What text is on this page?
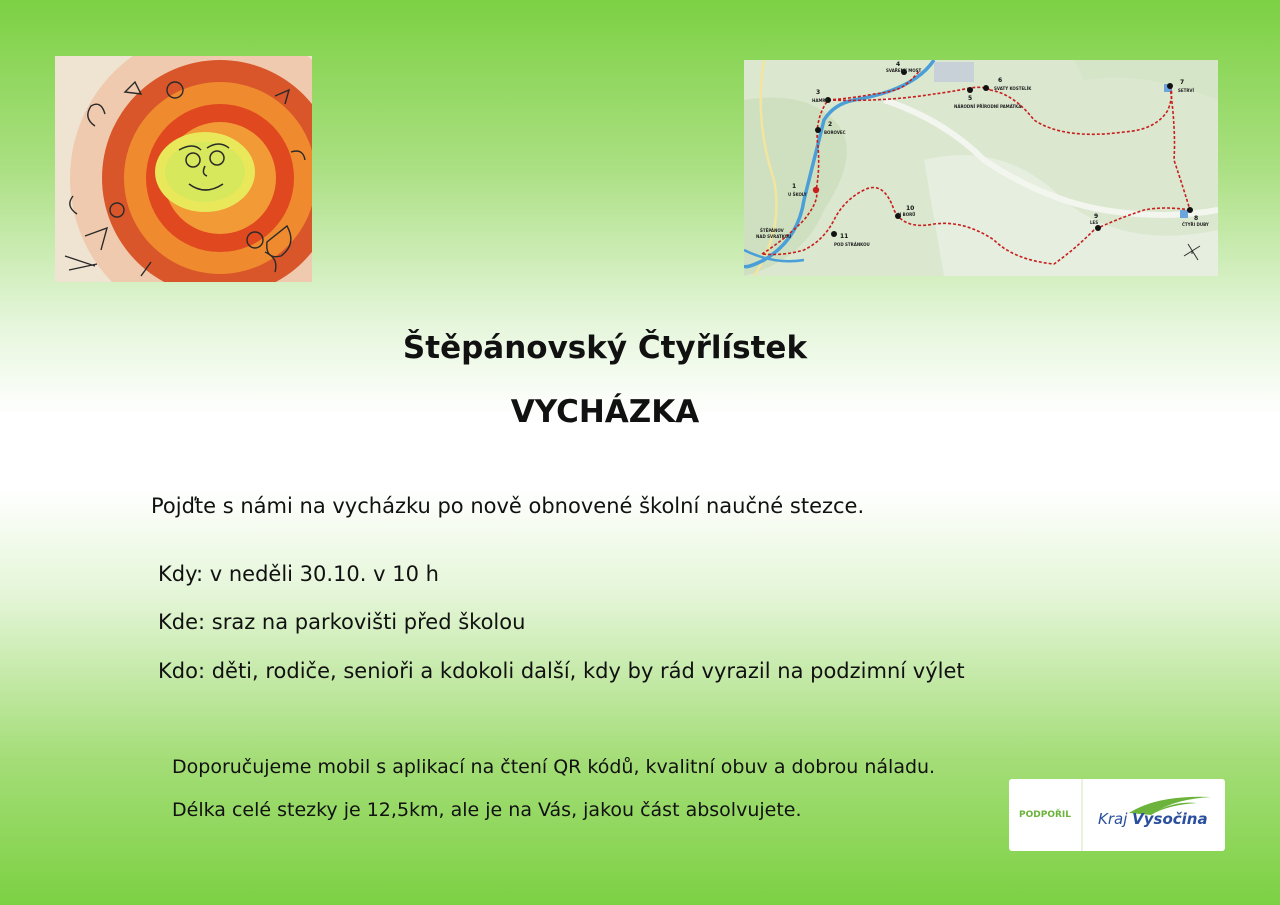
1
U ŠKOLY
2
BOROVEC
3
HAMRY
4
SVAŘENÝ MOST
5
NÁRODNÍ PŘÍRODNÍ PAMÁTKA
6
SVATÝ KOSTELÍK
7
SETRVÍ
8
ČTYŘI DUBY
9
LES
10
U BORŮ
11
POD STRÁNKOU
ŠTĚPÁNOV
NAD SVRATKOU
Štěpánovský Čtyřlístek
VYCHÁZKA

Pojďte s námi na vycházku po nově obnovené školní naučné stezce.

Kdy: v neděli 30.10. v 10 h

Kde: sraz na parkovišti před školou

Kdo: děti, rodiče, senioři a kdokoli další, kdy by rád vyrazil na podzimní výlet

Doporučujeme mobil s aplikací na čtení QR kódů, kvalitní obuv a dobrou náladu.

Délka celé stezky je 12,5km, ale je na Vás, jakou část absolvujete.	PODPOŘIL	Kraj Vysočina
